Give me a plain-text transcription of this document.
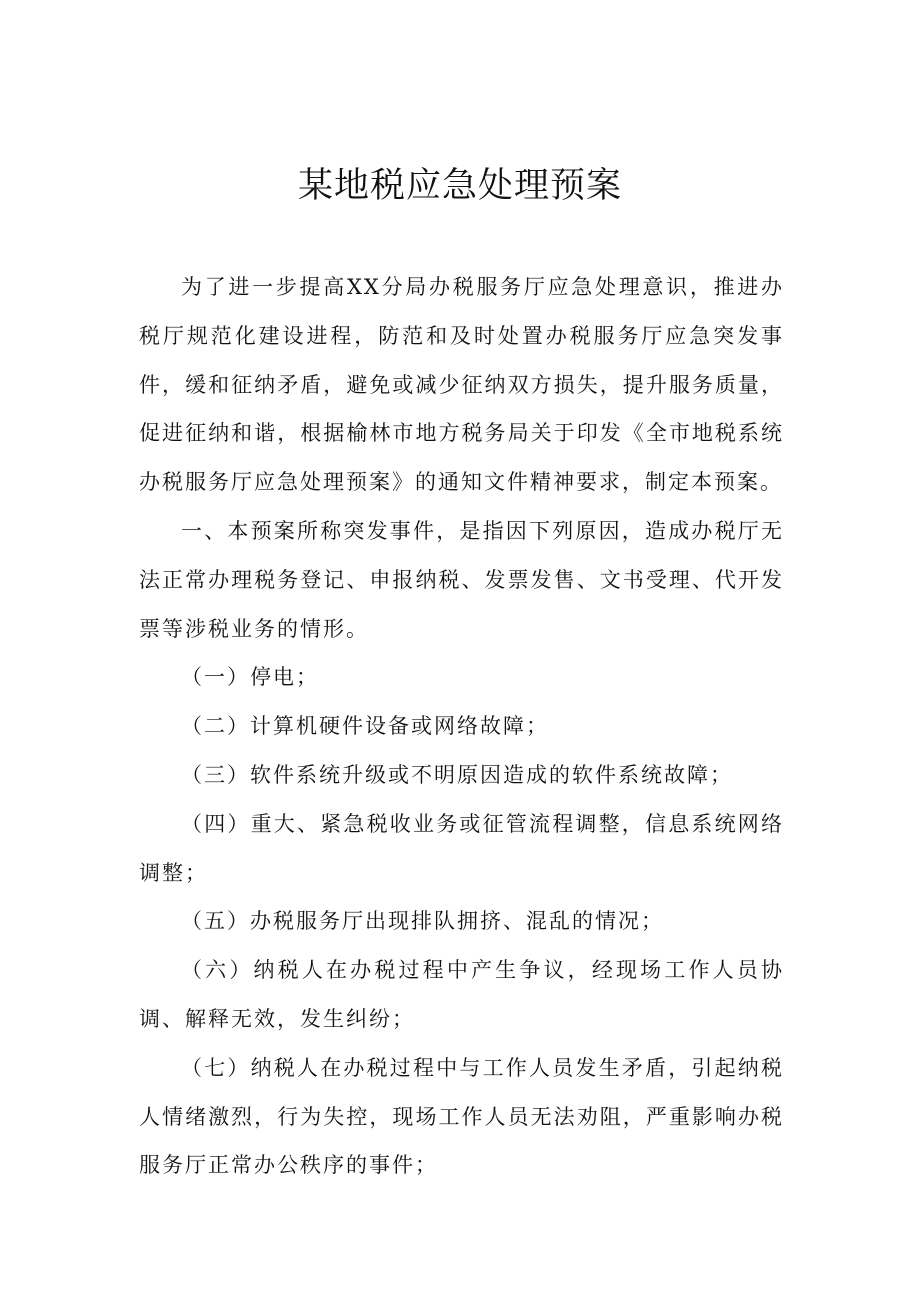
某地税应急处理预案

为了进一步提高XX分局办税服务厅应急处理意识，推进办税厅规范化建设进程，防范和及时处置办税服务厅应急突发事件，缓和征纳矛盾，避免或减少征纳双方损失，提升服务质量，促进征纳和谐，根据榆林市地方税务局关于印发《全市地税系统办税服务厅应急处理预案》的通知文件精神要求，制定本预案。

一、本预案所称突发事件，是指因下列原因，造成办税厅无法正常办理税务登记、申报纳税、发票发售、文书受理、代开发票等涉税业务的情形。

（一）停电；

（二）计算机硬件设备或网络故障；

（三）软件系统升级或不明原因造成的软件系统故障；

（四）重大、紧急税收业务或征管流程调整，信息系统网络调整；

（五）办税服务厅出现排队拥挤、混乱的情况；

（六）纳税人在办税过程中产生争议，经现场工作人员协调、解释无效，发生纠纷；

（七）纳税人在办税过程中与工作人员发生矛盾，引起纳税人情绪激烈，行为失控，现场工作人员无法劝阻，严重影响办税服务厅正常办公秩序的事件；
